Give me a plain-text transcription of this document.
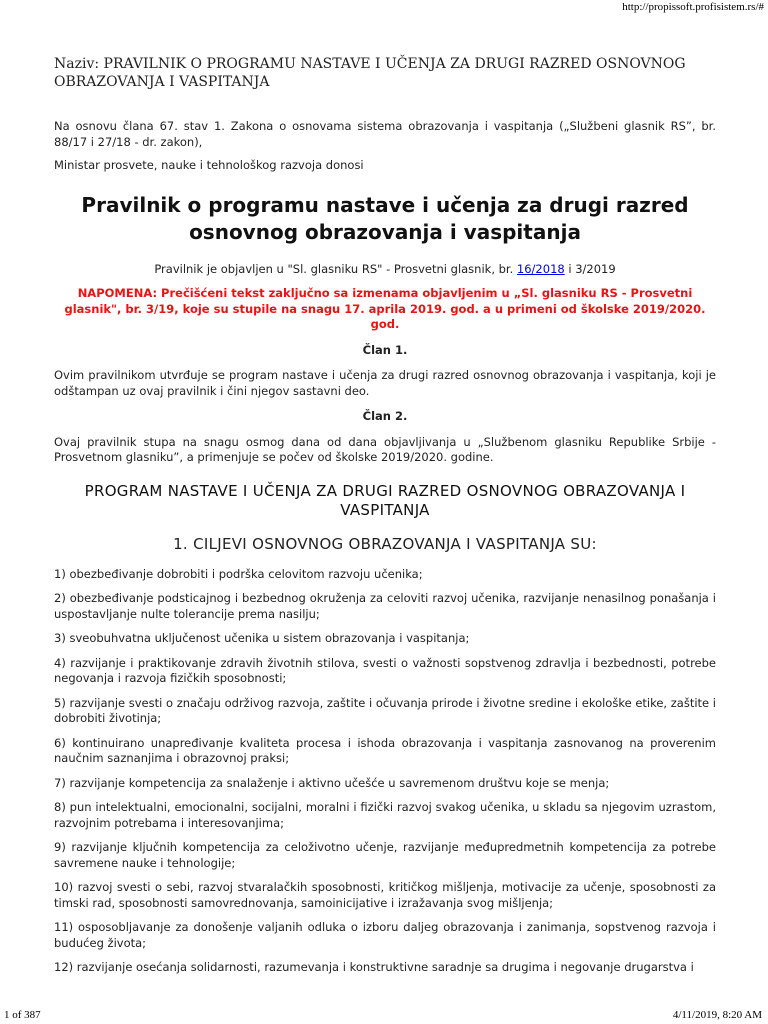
http://propissoft.profisistem.rs/#
Naziv: PRAVILNIK O PROGRAMU NASTAVE I UČENJA ZA DRUGI RAZRED OSNOVNOG OBRAZOVANJA I VASPITANJA

Na osnovu člana 67. stav 1. Zakona o osnovama sistema obrazovanja i vaspitanja („Službeni glasnik RS”, br. 88/17 i 27/18 - dr. zakon),

Ministar prosvete, nauke i tehnološkog razvoja donosi

Pravilnik o programu nastave i učenja za drugi razred osnovnog obrazovanja i vaspitanja

Pravilnik je objavljen u "Sl. glasniku RS" - Prosvetni glasnik, br. 16/2018 i 3/2019

NAPOMENA: Prečišćeni tekst zaključno sa izmenama objavljenim u „Sl. glasniku RS - Prosvetni glasnik", br. 3/19, koje su stupile na snagu 17. aprila 2019. god. a u primeni od školske 2019/2020. god.

Član 1.

Ovim pravilnikom utvrđuje se program nastave i učenja za drugi razred osnovnog obrazovanja i vaspitanja, koji je odštampan uz ovaj pravilnik i čini njegov sastavni deo.

Član 2.

Ovaj pravilnik stupa na snagu osmog dana od dana objavljivanja u „Službenom glasniku Republike Srbije - Prosvetnom glasniku”, a primenjuje se počev od školske 2019/2020. godine.

PROGRAM NASTAVE I UČENJA ZA DRUGI RAZRED OSNOVNOG OBRAZOVANJA I VASPITANJA

1. CILJEVI OSNOVNOG OBRAZOVANJA I VASPITANJA SU:

1) obezbeđivanje dobrobiti i podrška celovitom razvoju učenika;

2) obezbeđivanje podsticajnog i bezbednog okruženja za celoviti razvoj učenika, razvijanje nenasilnog ponašanja i uspostavljanje nulte tolerancije prema nasilju;

3) sveobuhvatna uključenost učenika u sistem obrazovanja i vaspitanja;

4) razvijanje i praktikovanje zdravih životnih stilova, svesti o važnosti sopstvenog zdravlja i bezbednosti, potrebe negovanja i razvoja fizičkih sposobnosti;

5) razvijanje svesti o značaju održivog razvoja, zaštite i očuvanja prirode i životne sredine i ekološke etike, zaštite i dobrobiti životinja;

6) kontinuirano unapređivanje kvaliteta procesa i ishoda obrazovanja i vaspitanja zasnovanog na proverenim naučnim saznanjima i obrazovnoj praksi;

7) razvijanje kompetencija za snalaženje i aktivno učešće u savremenom društvu koje se menja;

8) pun intelektualni, emocionalni, socijalni, moralni i fizički razvoj svakog učenika, u skladu sa njegovim uzrastom, razvojnim potrebama i interesovanjima;

9) razvijanje ključnih kompetencija za celoživotno učenje, razvijanje međupredmetnih kompetencija za potrebe savremene nauke i tehnologije;

10) razvoj svesti o sebi, razvoj stvaralačkih sposobnosti, kritičkog mišljenja, motivacije za učenje, sposobnosti za timski rad, sposobnosti samovrednovanja, samoinicijative i izražavanja svog mišljenja;

11) osposobljavanje za donošenje valjanih odluka o izboru daljeg obrazovanja i zanimanja, sopstvenog razvoja i budućeg života;

12) razvijanje osećanja solidarnosti, razumevanja i konstruktivne saradnje sa drugima i negovanje drugarstva i

1 of 387	4/11/2019, 8:20 AM
